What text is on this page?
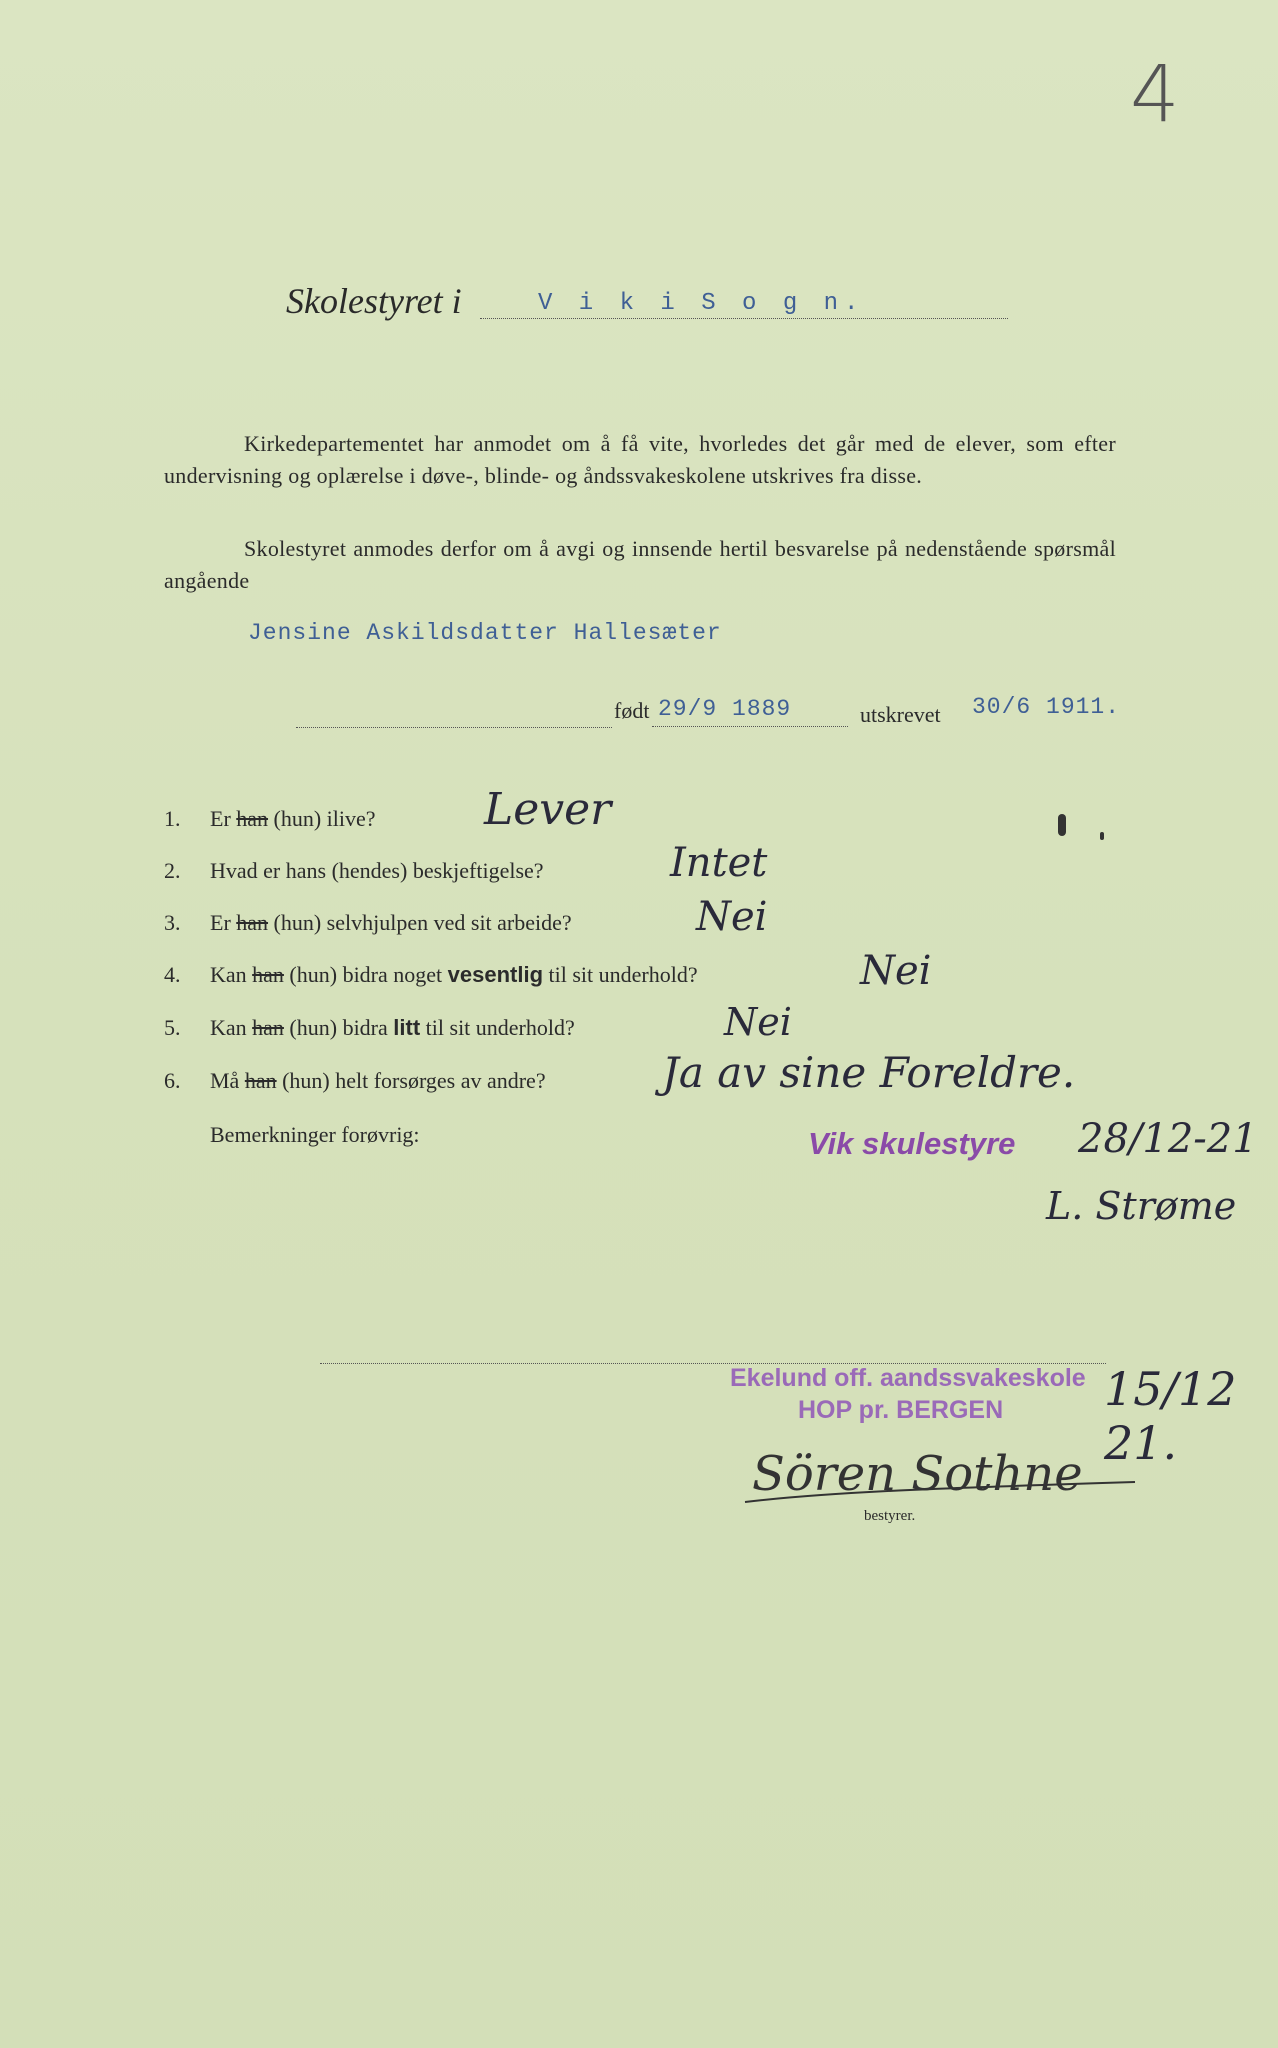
4
Skolestyret i	V i k i S o g n.
Kirkedepartementet har anmodet om å få vite, hvorledes det går med de elever, som efter undervisning og oplærelse i døve-, blinde- og åndssvakeskolene utskrives fra disse.
Skolestyret anmodes derfor om å avgi og innsende hertil besvarelse på nedenstående spørsmål angående
Jensine Askildsdatter Hallesæter
født 29/9 1889	utskrevet 30/6 1911.
1. Er han (hun) ilive? Lever
2. Hvad er hans (hendes) beskjeftigelse?	Intet
3. Er han (hun) selvhjulpen ved sit arbeide?	Nei
4. Kan han (hun) bidra noget vesentlig til sit underhold?	Nei
5. Kan han (hun) bidra litt til sit underhold?	Nei
6. Må han (hun) helt forsørges av andre?	Ja av sine Foreldre.
Bemerkninger forøvrig:	Vik skulestyre 28/12-21
L. Strøme
Ekelund off. aandssvakeskole
HOP pr. BERGEN 15/12 21.
Sören Sothne
bestyrer.
